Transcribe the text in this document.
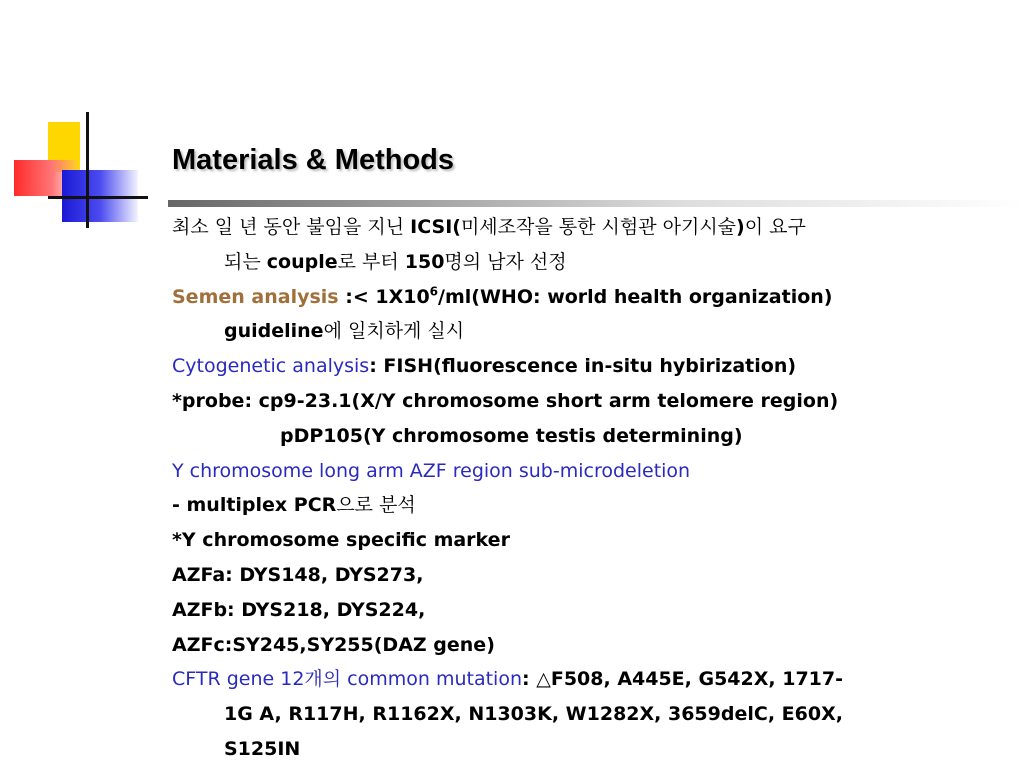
Materials & Methods
최소 일 년 동안 불임을 지닌 ICSI(미세조작을 통한 시험관 아기시술)이 요구
되는 couple로 부터 150명의 남자 선정
Semen analysis :< $1X10^6/ml(WHO$: world health organization)
guideline에 일치하게 실시
Cytogenetic analysis: FISH(fluorescence in-situ hybirization)
*probe: cp9-23.1(X/Y chromosome short arm telomere region)
pDP105(Y chromosome testis determining)
Y chromosome long arm AZF region sub-microdeletion
- multiplex PCR으로 분석
*Y chromosome specific marker
AZFa: DYS148, DYS273,
AZFb: DYS218, DYS224,
AZFc:SY245,SY255(DAZ gene)
CFTR gene 12개의 common mutation: △F508, A445E, G542X, 1717-
1G A, R117H, R1162X, N1303K, W1282X, 3659delC, E60X,
S125IN
